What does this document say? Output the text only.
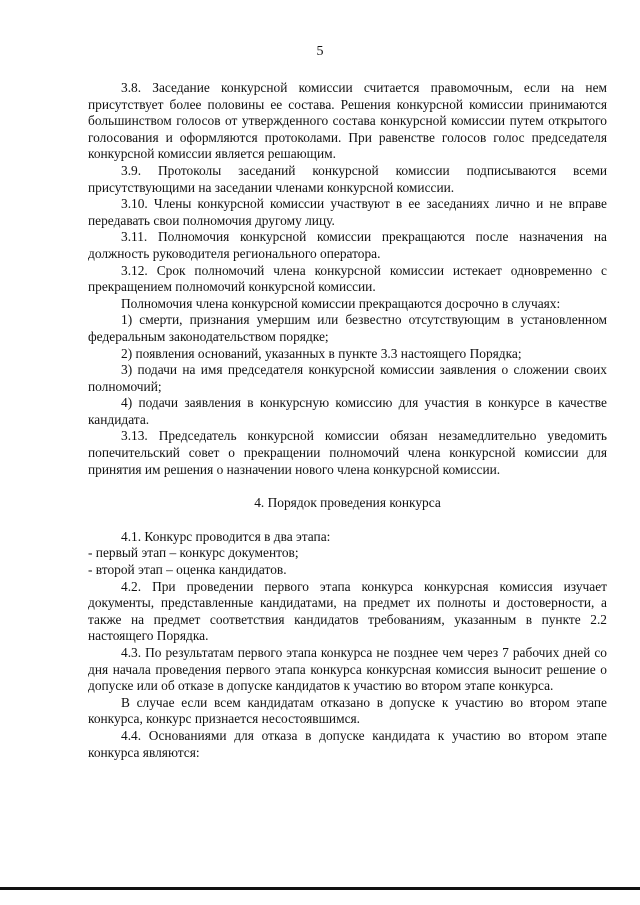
5

3.8. Заседание конкурсной комиссии считается правомочным, если на нем присутствует более половины ее состава. Решения конкурсной комиссии принимаются большинством голосов от утвержденного состава конкурсной комиссии путем открытого голосования и оформляются протоколами. При равенстве голосов голос председателя конкурсной комиссии является решающим.

3.9. Протоколы заседаний конкурсной комиссии подписываются всеми присутствующими на заседании членами конкурсной комиссии.

3.10. Члены конкурсной комиссии участвуют в ее заседаниях лично и не вправе передавать свои полномочия другому лицу.

3.11. Полномочия конкурсной комиссии прекращаются после назначения на должность руководителя регионального оператора.

3.12. Срок полномочий члена конкурсной комиссии истекает одновременно с прекращением полномочий конкурсной комиссии.

Полномочия члена конкурсной комиссии прекращаются досрочно в случаях:

1) смерти, признания умершим или безвестно отсутствующим в установленном федеральным законодательством порядке;

2) появления оснований, указанных в пункте 3.3 настоящего Порядка;

3) подачи на имя председателя конкурсной комиссии заявления о сложении своих полномочий;

4) подачи заявления в конкурсную комиссию для участия в конкурсе в качестве кандидата.

3.13. Председатель конкурсной комиссии обязан незамедлительно уведомить попечительский совет о прекращении полномочий члена конкурсной комиссии для принятия им решения о назначении нового члена конкурсной комиссии.

4. Порядок проведения конкурса

4.1. Конкурс проводится в два этапа:

- первый этап – конкурс документов;

- второй этап – оценка кандидатов.

4.2. При проведении первого этапа конкурса конкурсная комиссия изучает документы, представленные кандидатами, на предмет их полноты и достоверности, а также на предмет соответствия кандидатов требованиям, указанным в пункте 2.2 настоящего Порядка.

4.3. По результатам первого этапа конкурса не позднее чем через 7 рабочих дней со дня начала проведения первого этапа конкурса конкурсная комиссия выносит решение о допуске или об отказе в допуске кандидатов к участию во втором этапе конкурса.

В случае если всем кандидатам отказано в допуске к участию во втором этапе конкурса, конкурс признается несостоявшимся.

4.4. Основаниями для отказа в допуске кандидата к участию во втором этапе конкурса являются:
